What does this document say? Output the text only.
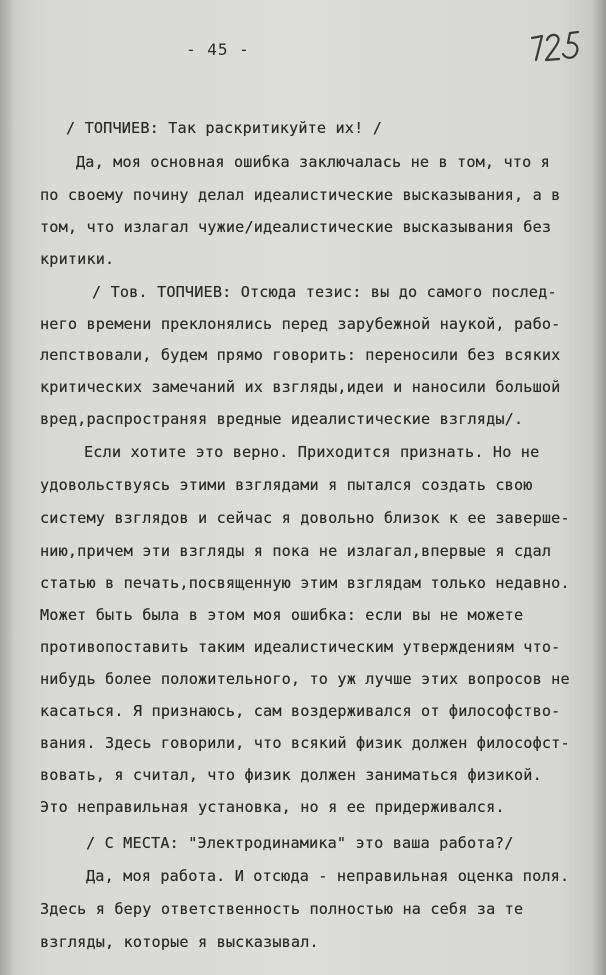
- 45 -
/ ТОПЧИЕВ: Так раскритикуйте их! /
Да, моя основная ошибка заключалась не в том, что я
по своему почину делал идеалистические высказывания, а в
том, что излагал чужие/идеалистические высказывания без
критики.
/ Тов. ТОПЧИЕВ: Отсюда тезис: вы до самого послед-
него времени преклонялись перед зарубежной наукой, рабо-
лепствовали, будем прямо говорить: переносили без всяких
критических замечаний их взгляды,идеи и наносили большой
вред,распространяя вредные идеалистические взгляды/.
Если хотите это верно. Приходится признать. Но не
удовольствуясь этими взглядами я пытался создать свою
систему взглядов и сейчас я довольно близок к ее заверше-
нию,причем эти взгляды я пока не излагал,впервые я сдал
статью в печать,посвященную этим взглядам только недавно.
Может быть была в этом моя ошибка: если вы не можете
противопоставить таким идеалистическим утверждениям что-
нибудь более положительного, то уж лучше этих вопросов не
касаться. Я признаюсь, сам воздерживался от философство-
вания. Здесь говорили, что всякий физик должен философст-
вовать, я считал, что физик должен заниматься физикой.
Это неправильная установка, но я ее придерживался.
/ С МЕСТА: "Электродинамика" это ваша работа?/
Да, моя работа. И отсюда - неправильная оценка поля.
Здесь я беру ответственность полностью на себя за те
взгляды, которые я высказывал.
